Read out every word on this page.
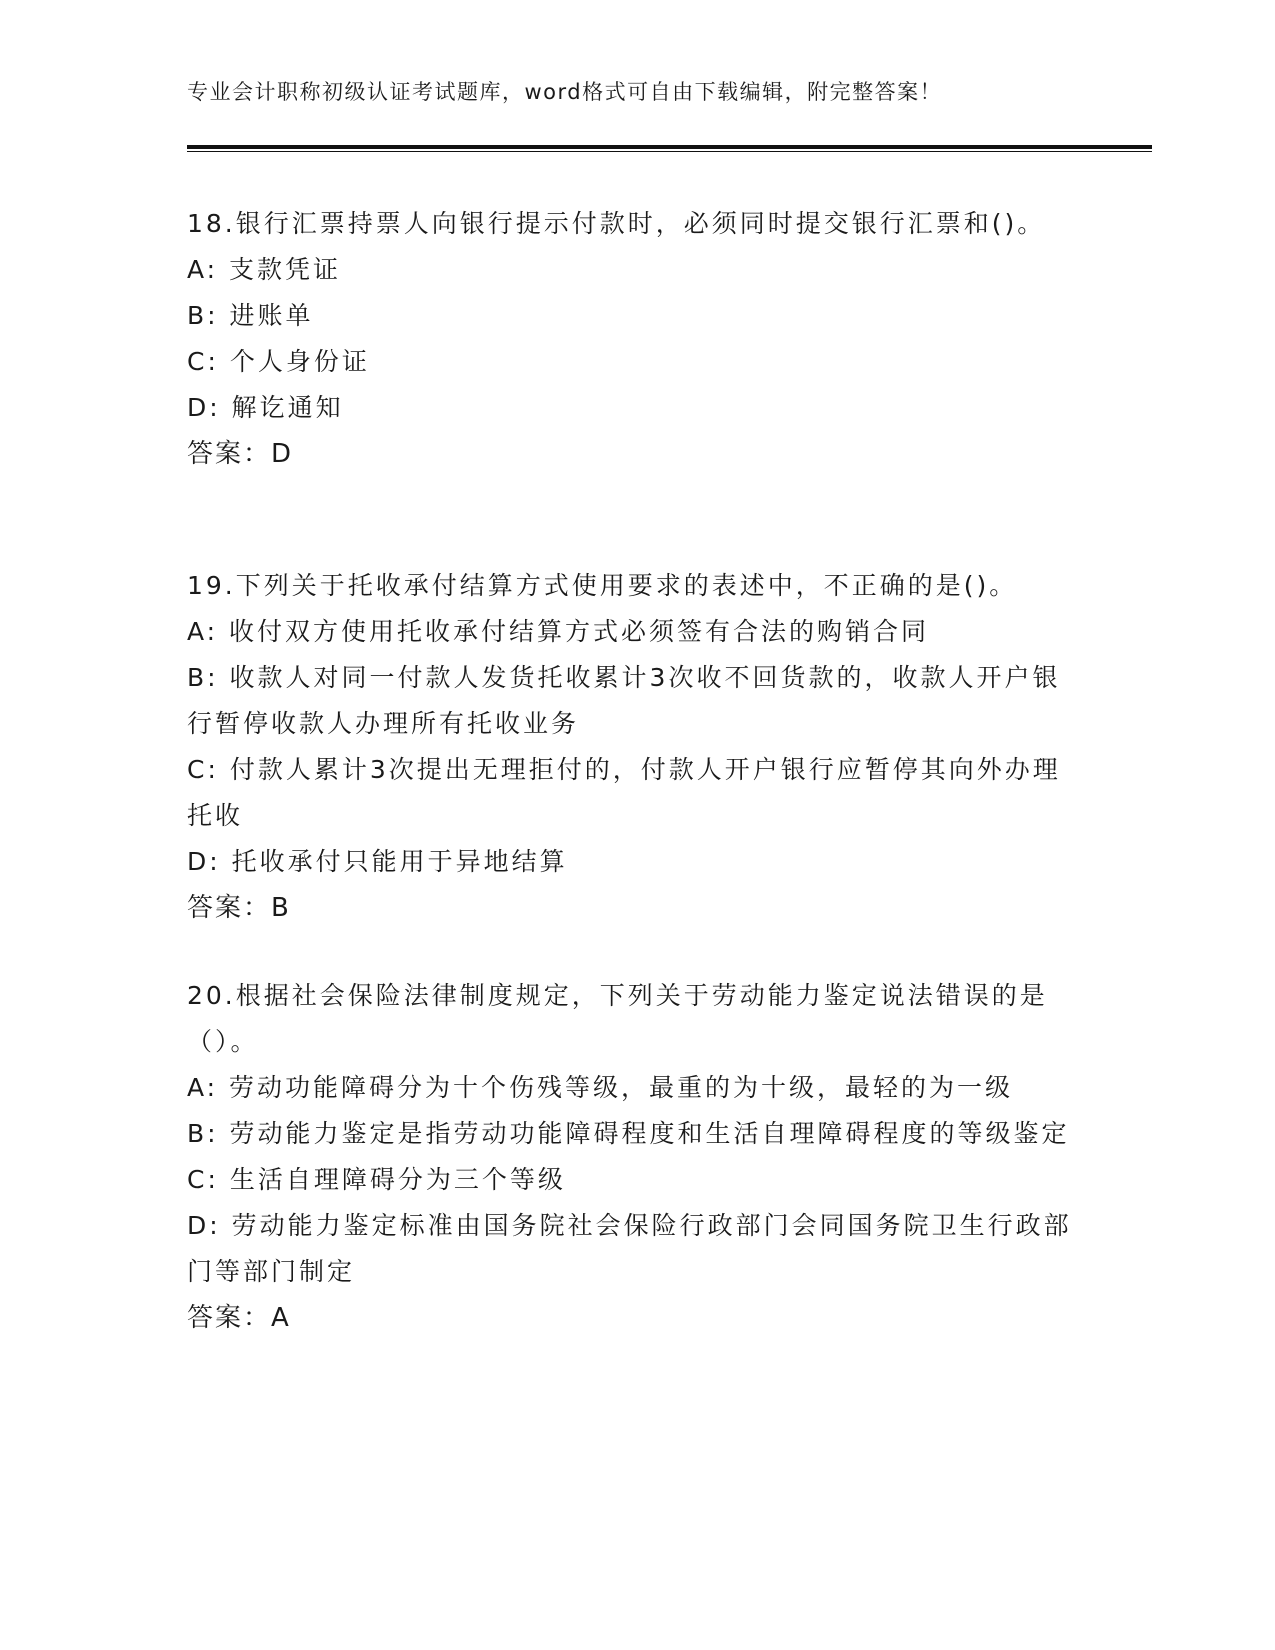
专业会计职称初级认证考试题库，word格式可自由下载编辑，附完整答案！

18.银行汇票持票人向银行提示付款时，必须同时提交银行汇票和()。

A: 支款凭证

B: 进账单

C: 个人身份证

D: 解讫通知

答案：D

19.下列关于托收承付结算方式使用要求的表述中，不正确的是()。

A: 收付双方使用托收承付结算方式必须签有合法的购销合同

B: 收款人对同一付款人发货托收累计3次收不回货款的，收款人开户银行暂停收款人办理所有托收业务

C: 付款人累计3次提出无理拒付的，付款人开户银行应暂停其向外办理托收

D: 托收承付只能用于异地结算

答案：B

20.根据社会保险法律制度规定，下列关于劳动能力鉴定说法错误的是（）。

A: 劳动功能障碍分为十个伤残等级，最重的为十级，最轻的为一级

B: 劳动能力鉴定是指劳动功能障碍程度和生活自理障碍程度的等级鉴定

C: 生活自理障碍分为三个等级

D: 劳动能力鉴定标准由国务院社会保险行政部门会同国务院卫生行政部门等部门制定

答案：A
